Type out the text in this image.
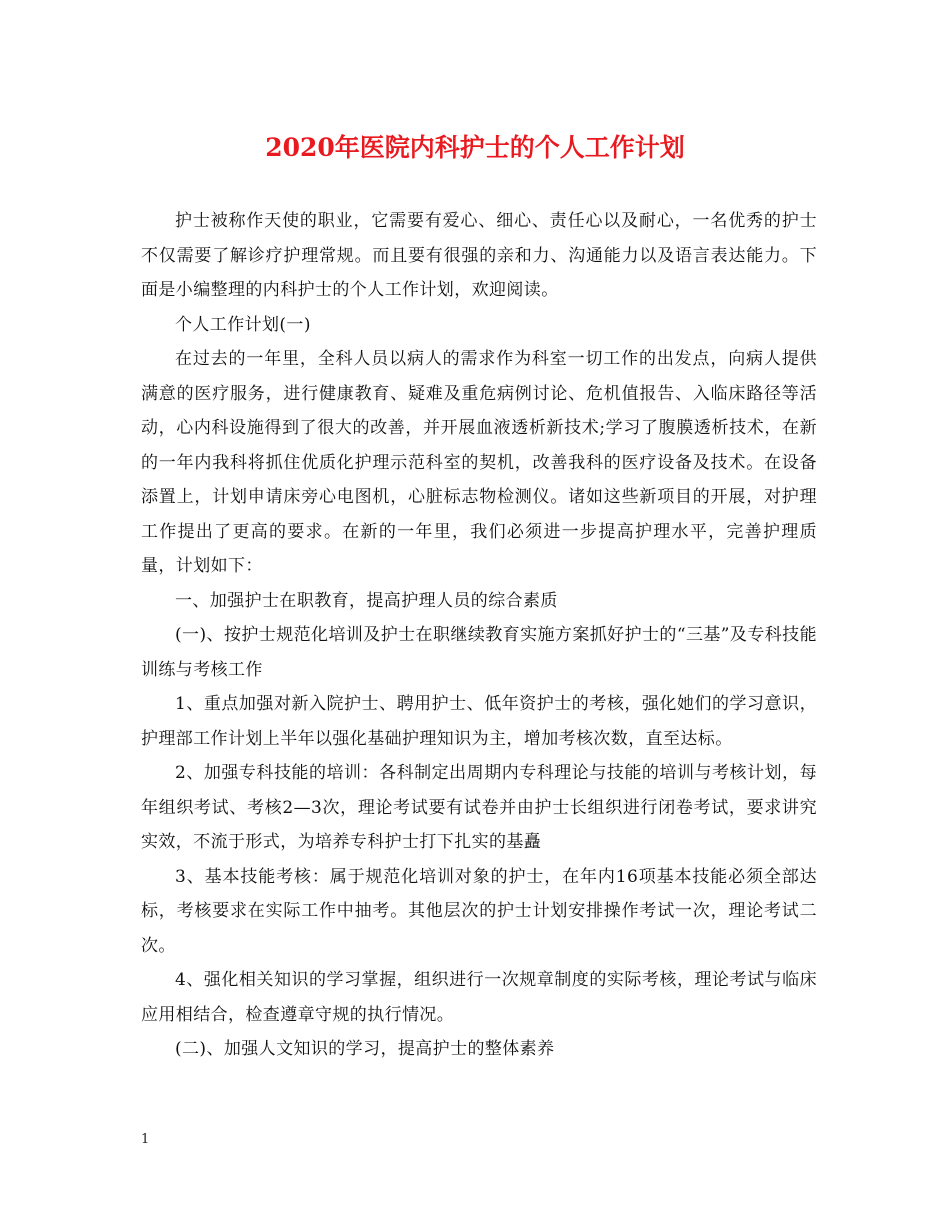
2020年医院内科护士的个人工作计划

护士被称作天使的职业，它需要有爱心、细心、责任心以及耐心，一名优秀的护士不仅需要了解诊疗护理常规。而且要有很强的亲和力、沟通能力以及语言表达能力。下面是小编整理的内科护士的个人工作计划，欢迎阅读。

个人工作计划(一)

在过去的一年里，全科人员以病人的需求作为科室一切工作的出发点，向病人提供满意的医疗服务，进行健康教育、疑难及重危病例讨论、危机值报告、入临床路径等活动，心内科设施得到了很大的改善，并开展血液透析新技术;学习了腹膜透析技术，在新的一年内我科将抓住优质化护理示范科室的契机，改善我科的医疗设备及技术。在设备添置上，计划申请床旁心电图机，心脏标志物检测仪。诸如这些新项目的开展，对护理工作提出了更高的要求。在新的一年里，我们必须进一步提高护理水平，完善护理质量，计划如下：

一、加强护士在职教育，提高护理人员的综合素质

(一)、按护士规范化培训及护士在职继续教育实施方案抓好护士的“三基”及专科技能训练与考核工作

1、重点加强对新入院护士、聘用护士、低年资护士的考核，强化她们的学习意识，护理部工作计划上半年以强化基础护理知识为主，增加考核次数，直至达标。

2、加强专科技能的培训：各科制定出周期内专科理论与技能的培训与考核计划，每年组织考试、考核2—3次，理论考试要有试卷并由护士长组织进行闭卷考试，要求讲究实效，不流于形式，为培养专科护士打下扎实的基矗

3、基本技能考核：属于规范化培训对象的护士，在年内16项基本技能必须全部达标，考核要求在实际工作中抽考。其他层次的护士计划安排操作考试一次，理论考试二次。

4、强化相关知识的学习掌握，组织进行一次规章制度的实际考核，理论考试与临床应用相结合，检查遵章守规的执行情况。

(二)、加强人文知识的学习，提高护士的整体素养

1
